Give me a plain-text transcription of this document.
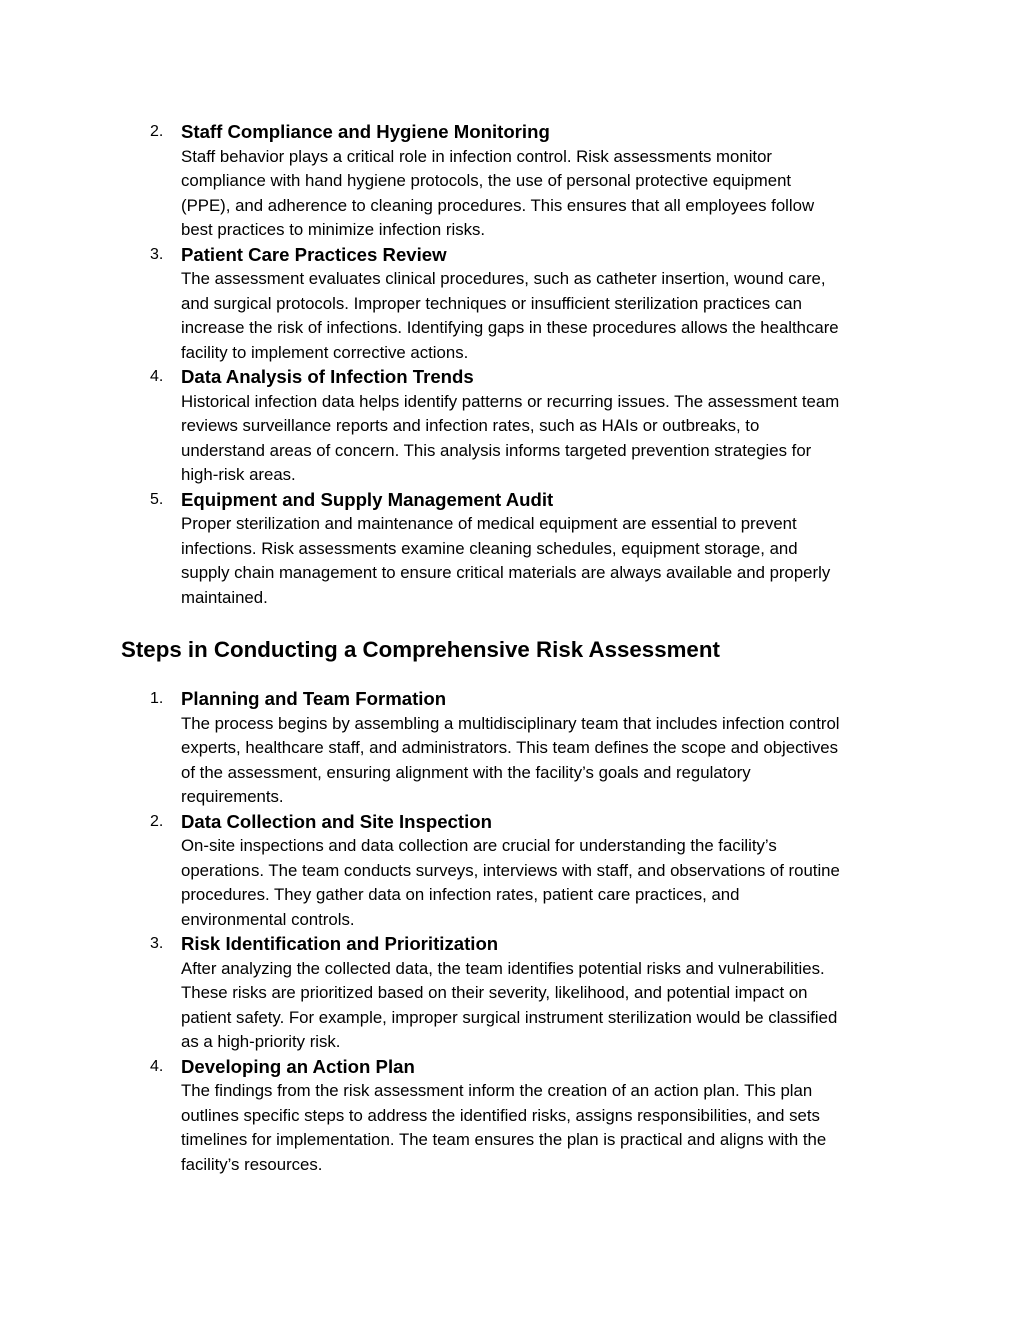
2. Staff Compliance and Hygiene Monitoring
Staff behavior plays a critical role in infection control. Risk assessments monitor
compliance with hand hygiene protocols, the use of personal protective equipment
(PPE), and adherence to cleaning procedures. This ensures that all employees follow
best practices to minimize infection risks.
3. Patient Care Practices Review
The assessment evaluates clinical procedures, such as catheter insertion, wound care,
and surgical protocols. Improper techniques or insufficient sterilization practices can
increase the risk of infections. Identifying gaps in these procedures allows the healthcare
facility to implement corrective actions.
4. Data Analysis of Infection Trends
Historical infection data helps identify patterns or recurring issues. The assessment team
reviews surveillance reports and infection rates, such as HAIs or outbreaks, to
understand areas of concern. This analysis informs targeted prevention strategies for
high-risk areas.
5. Equipment and Supply Management Audit
Proper sterilization and maintenance of medical equipment are essential to prevent
infections. Risk assessments examine cleaning schedules, equipment storage, and
supply chain management to ensure critical materials are always available and properly
maintained.
Steps in Conducting a Comprehensive Risk Assessment
1. Planning and Team Formation
The process begins by assembling a multidisciplinary team that includes infection control
experts, healthcare staff, and administrators. This team defines the scope and objectives
of the assessment, ensuring alignment with the facility’s goals and regulatory
requirements.
2. Data Collection and Site Inspection
On-site inspections and data collection are crucial for understanding the facility’s
operations. The team conducts surveys, interviews with staff, and observations of routine
procedures. They gather data on infection rates, patient care practices, and
environmental controls.
3. Risk Identification and Prioritization
After analyzing the collected data, the team identifies potential risks and vulnerabilities.
These risks are prioritized based on their severity, likelihood, and potential impact on
patient safety. For example, improper surgical instrument sterilization would be classified
as a high-priority risk.
4. Developing an Action Plan
The findings from the risk assessment inform the creation of an action plan. This plan
outlines specific steps to address the identified risks, assigns responsibilities, and sets
timelines for implementation. The team ensures the plan is practical and aligns with the
facility’s resources.
